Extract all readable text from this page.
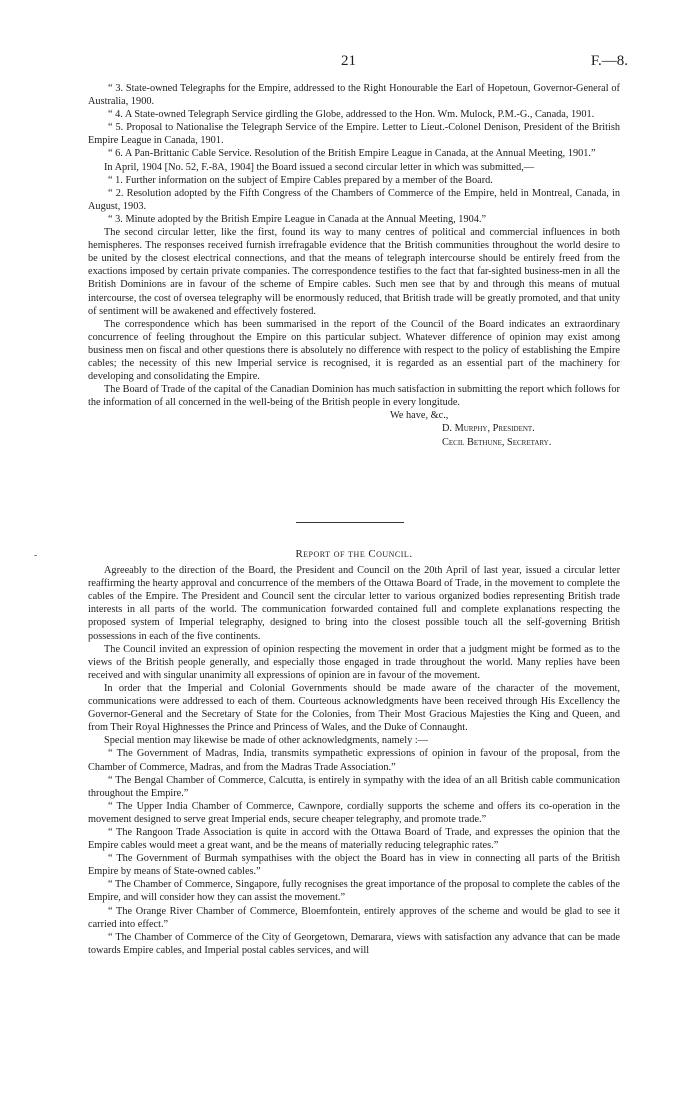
21	F.—8.

“ 3. State-owned Telegraphs for the Empire, addressed to the Right Honourable the Earl of Hopetoun, Governor-General of Australia, 1900.

“ 4. A State-owned Telegraph Service girdling the Globe, addressed to the Hon. Wm. Mulock, P.M.-G., Canada, 1901.

“ 5. Proposal to Nationalise the Telegraph Service of the Empire. Letter to Lieut.-Colonel Denison, President of the British Empire League in Canada, 1901.

“ 6. A Pan-Brittanic Cable Service. Resolution of the British Empire League in Canada, at the Annual Meeting, 1901.”

In April, 1904 [No. 52, F.-8A, 1904] the Board issued a second circular letter in which was submitted,—

“ 1. Further information on the subject of Empire Cables prepared by a member of the Board.

“ 2. Resolution adopted by the Fifth Congress of the Chambers of Commerce of the Empire, held in Montreal, Canada, in August, 1903.

“ 3. Minute adopted by the British Empire League in Canada at the Annual Meeting, 1904.”

The second circular letter, like the first, found its way to many centres of political and commercial influences in both hemispheres. The responses received furnish irrefragable evidence that the British communities throughout the world desire to be united by the closest electrical connections, and that the means of telegraph intercourse should be entirely freed from the exactions imposed by certain private companies. The correspondence testifies to the fact that far-sighted business-men in all the British Dominions are in favour of the scheme of Empire cables. Such men see that by and through this means of mutual intercourse, the cost of oversea telegraphy will be enormously reduced, that British trade will be greatly promoted, and that unity of sentiment will be awakened and effectively fostered.

The correspondence which has been summarised in the report of the Council of the Board indicates an extraordinary concurrence of feeling throughout the Empire on this particular subject. Whatever difference of opinion may exist among business men on fiscal and other questions there is absolutely no difference with respect to the policy of establishing the Empire cables; the necessity of this new Imperial service is recognised, it is regarded as an essential part of the machinery for developing and consolidating the Empire.

The Board of Trade of the capital of the Canadian Dominion has much satisfaction in submitting the report which follows for the information of all concerned in the well-being of the British people in every longitude.

We have, &c.,
D. Murphy, President.
Cecil Bethune, Secretary.
-	Report of the Council.

Agreeably to the direction of the Board, the President and Council on the 20th April of last year, issued a circular letter reaffirming the hearty approval and concurrence of the members of the Ottawa Board of Trade, in the movement to complete the cables of the Empire. The President and Council sent the circular letter to various organized bodies representing British trade interests in all parts of the world. The communication forwarded contained full and complete explanations respecting the proposed system of Imperial telegraphy, designed to bring into the closest possible touch all the self-governing British possessions in each of the five continents.

The Council invited an expression of opinion respecting the movement in order that a judgment might be formed as to the views of the British people generally, and especially those engaged in trade throughout the world. Many replies have been received and with singular unanimity all expressions of opinion are in favour of the movement.

In order that the Imperial and Colonial Governments should be made aware of the character of the movement, communications were addressed to each of them. Courteous acknowledgments have been received through His Excellency the Governor-General and the Secretary of State for the Colonies, from Their Most Gracious Majesties the King and Queen, and from Their Royal Highnesses the Prince and Princess of Wales, and the Duke of Connaught.

Special mention may likewise be made of other acknowledgments, namely :—

“ The Government of Madras, India, transmits sympathetic expressions of opinion in favour of the proposal, from the Chamber of Commerce, Madras, and from the Madras Trade Association.”

“ The Bengal Chamber of Commerce, Calcutta, is entirely in sympathy with the idea of an all British cable communication throughout the Empire.”

“ The Upper India Chamber of Commerce, Cawnpore, cordially supports the scheme and offers its co-operation in the movement designed to serve great Imperial ends, secure cheaper telegraphy, and promote trade.”

“ The Rangoon Trade Association is quite in accord with the Ottawa Board of Trade, and expresses the opinion that the Empire cables would meet a great want, and be the means of materially reducing telegraphic rates.”

“ The Government of Burmah sympathises with the object the Board has in view in connecting all parts of the British Empire by means of State-owned cables.”

“ The Chamber of Commerce, Singapore, fully recognises the great importance of the proposal to complete the cables of the Empire, and will consider how they can assist the movement.”

“ The Orange River Chamber of Commerce, Bloemfontein, entirely approves of the scheme and would be glad to see it carried into effect.”

“ The Chamber of Commerce of the City of Georgetown, Demarara, views with satisfaction any advance that can be made towards Empire cables, and Imperial postal cables services, and will
